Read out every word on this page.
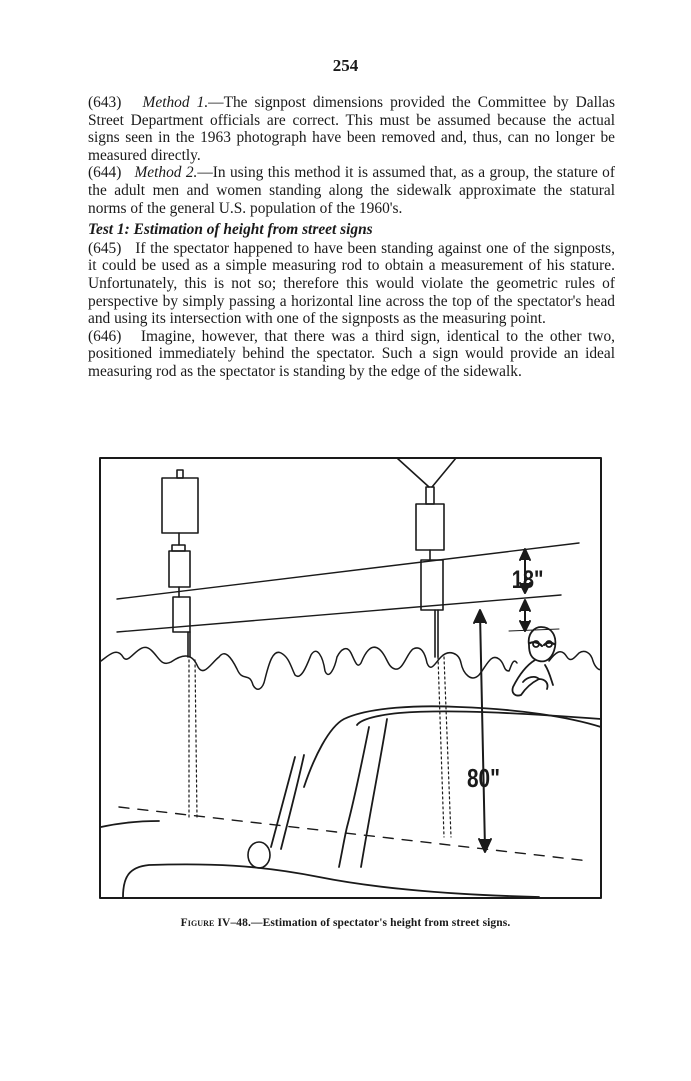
254

(643) Method 1.—The signpost dimensions provided the Committee by Dallas Street Department officials are correct. This must be assumed because the actual signs seen in the 1963 photograph have been removed and, thus, can no longer be measured directly.

(644) Method 2.—In using this method it is assumed that, as a group, the stature of the adult men and women standing along the sidewalk approximate the statural norms of the general U.S. population of the 1960's.

Test 1: Estimation of height from street signs

(645) If the spectator happened to have been standing against one of the signposts, it could be used as a simple measuring rod to obtain a measurement of his stature. Unfortunately, this is not so; therefore this would violate the geometric rules of perspective by simply passing a horizontal line across the top of the spectator's head and using its intersection with one of the signposts as the measuring point.

(646) Imagine, however, that there was a third sign, identical to the other two, positioned immediately behind the spectator. Such a sign would provide an ideal measuring rod as the spectator is standing by the edge of the sidewalk.

18"
80"
Figure IV–48.—Estimation of spectator's height from street signs.
